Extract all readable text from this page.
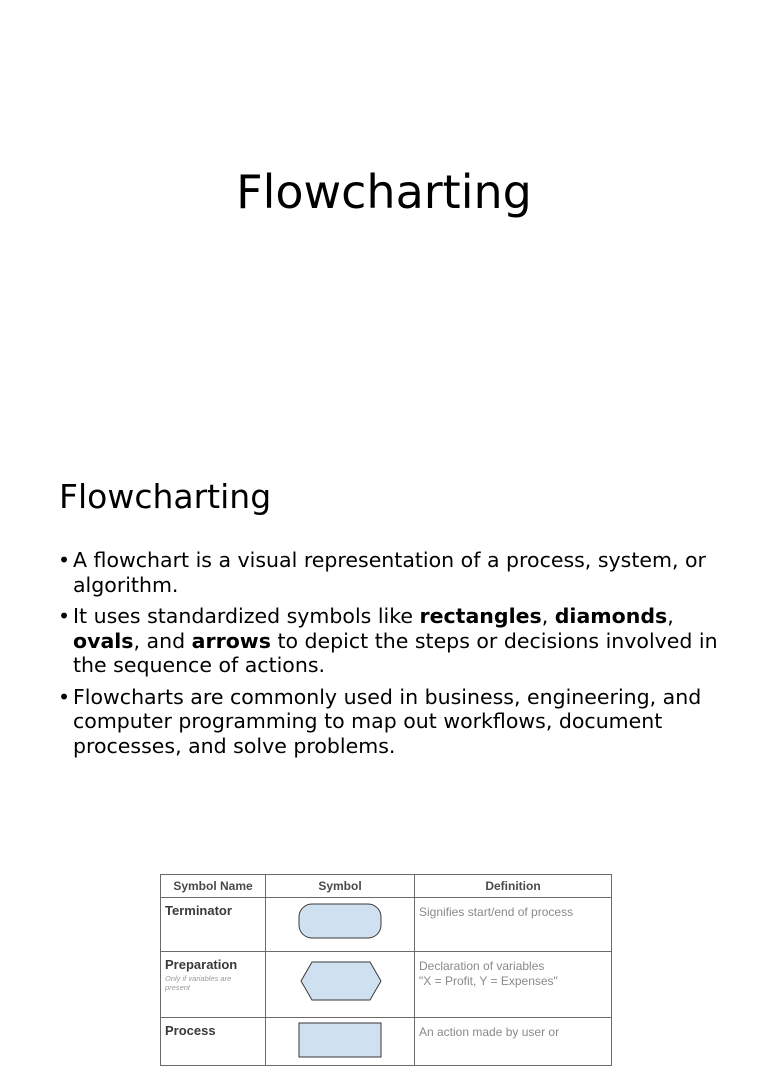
Flowcharting
Flowcharting
• A flowchart is a visual representation of a process, system, or algorithm.
• It uses standardized symbols like rectangles, diamonds, ovals, and arrows to depict the steps or decisions involved in the sequence of actions.
• Flowcharts are commonly used in business, engineering, and computer programming to map out workflows, document processes, and solve problems.
Symbol Name	Symbol	Definition

Terminator		Signifies start/end of process

Preparation
Only if variables are present		Declaration of variables
"X = Profit, Y = Expenses"

Process		An action made by user or
